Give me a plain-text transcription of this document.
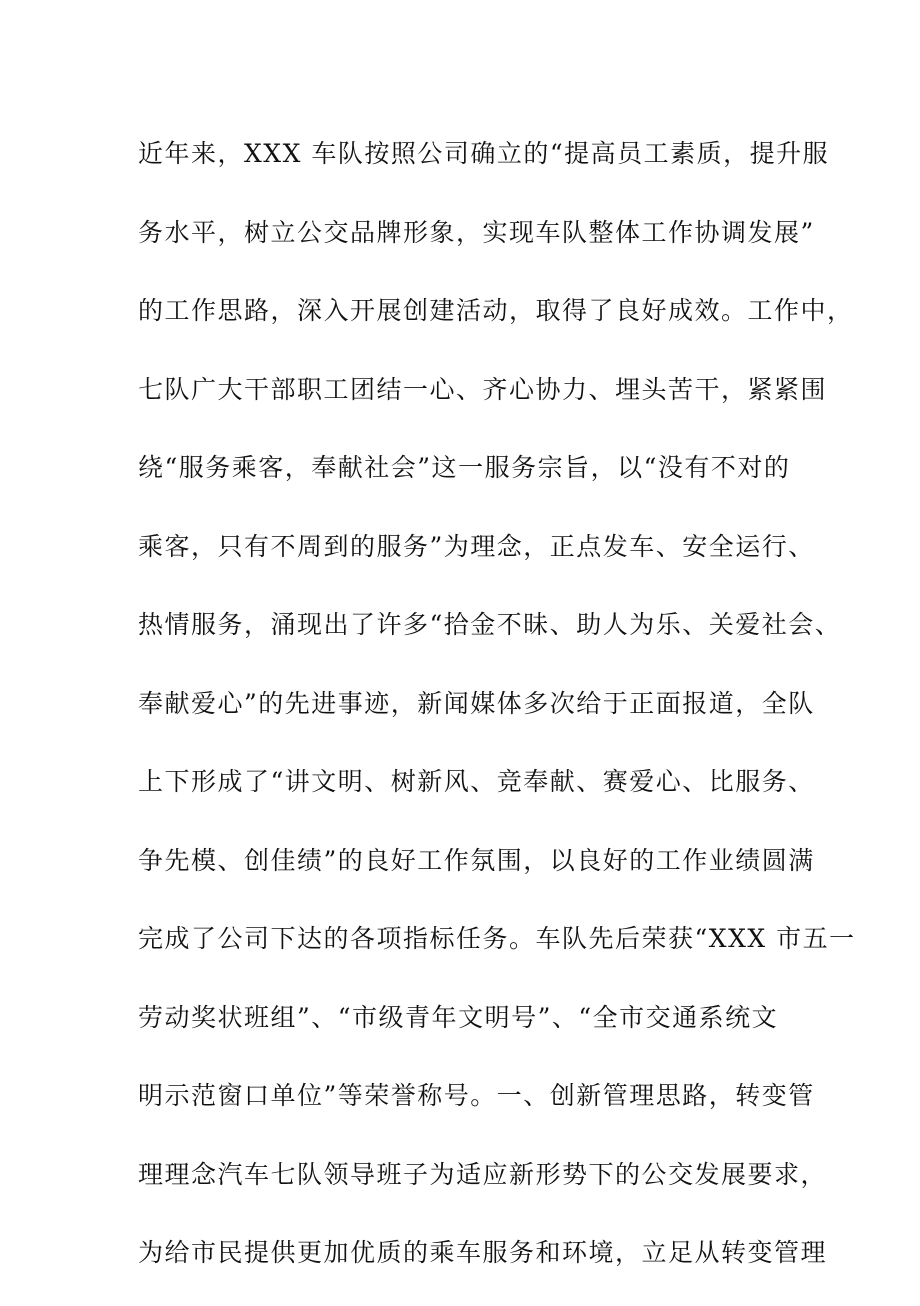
近年来，XXX 车队按照公司确立的“提高员工素质，提升服
务水平，树立公交品牌形象，实现车队整体工作协调发展”
的工作思路，深入开展创建活动，取得了良好成效。工作中，
七队广大干部职工团结一心、齐心协力、埋头苦干，紧紧围
绕“服务乘客，奉献社会”这一服务宗旨，以“没有不对的
乘客，只有不周到的服务”为理念，正点发车、安全运行、
热情服务，涌现出了许多“拾金不昧、助人为乐、关爱社会、
奉献爱心”的先进事迹，新闻媒体多次给于正面报道，全队
上下形成了“讲文明、树新风、竞奉献、赛爱心、比服务、
争先模、创佳绩”的良好工作氛围，以良好的工作业绩圆满
完成了公司下达的各项指标任务。车队先后荣获“XXX 市五一
劳动奖状班组”、“市级青年文明号”、“全市交通系统文
明示范窗口单位”等荣誉称号。一、创新管理思路，转变管
理理念汽车七队领导班子为适应新形势下的公交发展要求，
为给市民提供更加优质的乘车服务和环境，立足从转变管理
